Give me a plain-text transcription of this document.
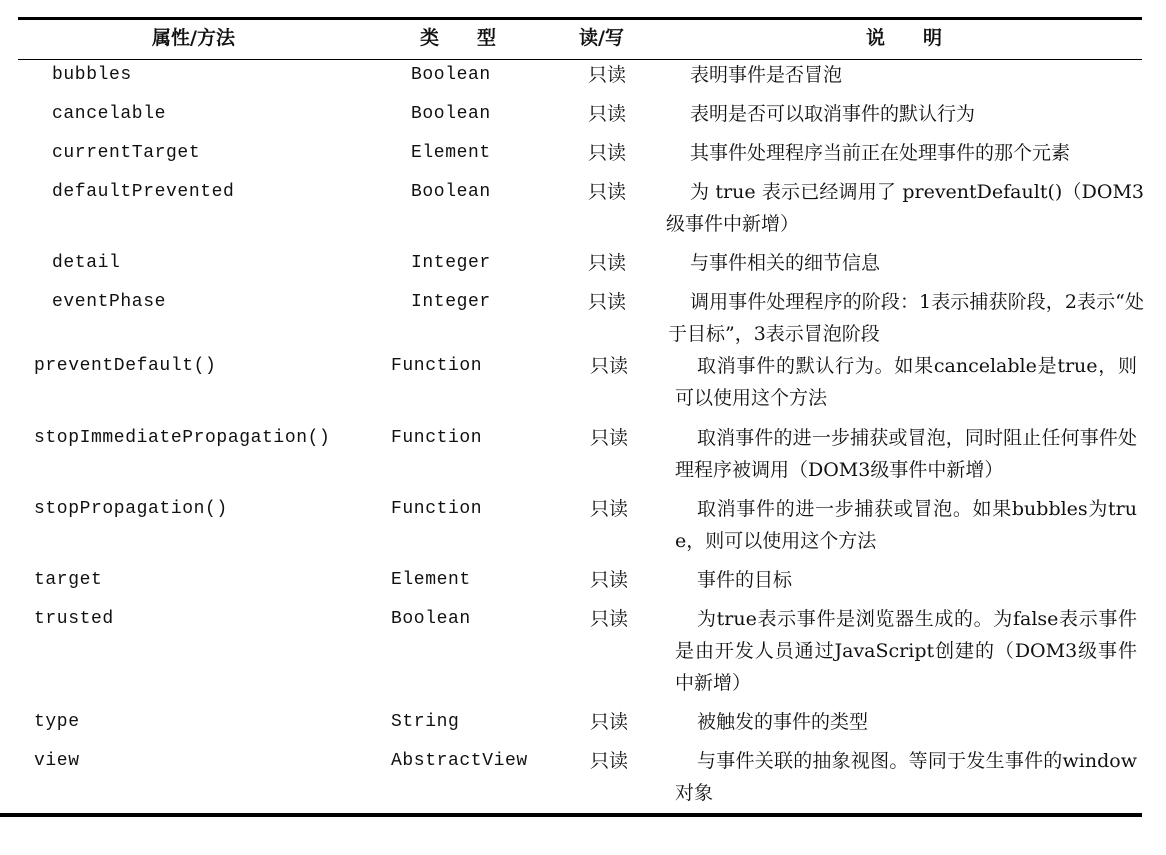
属性/方法	类　　型	读/写	说　　明
bubbles	Boolean	只读	表明事件是否冒泡
cancelable	Boolean	只读	表明是否可以取消事件的默认行为
currentTarget	Element	只读	其事件处理程序当前正在处理事件的那个元素
defaultPrevented	Boolean	只读	为 true 表示已经调用了 preventDefault()（DOM3级事件中新增）
detail	Integer	只读	与事件相关的细节信息
eventPhase	Integer	只读	调用事件处理程序的阶段：1表示捕获阶段，2表示“处于目标”，3表示冒泡阶段
preventDefault()	Function	只读	取消事件的默认行为。如果cancelable是true，则可以使用这个方法
stopImmediatePropagation()	Function	只读	取消事件的进一步捕获或冒泡，同时阻止任何事件处理程序被调用（DOM3级事件中新增）
stopPropagation()	Function	只读	取消事件的进一步捕获或冒泡。如果bubbles为true，则可以使用这个方法
target	Element	只读	事件的目标
trusted	Boolean	只读	为true表示事件是浏览器生成的。为false表示事件是由开发人员通过JavaScript创建的（DOM3级事件中新增）
type	String	只读	被触发的事件的类型
view	AbstractView	只读	与事件关联的抽象视图。等同于发生事件的window对象
